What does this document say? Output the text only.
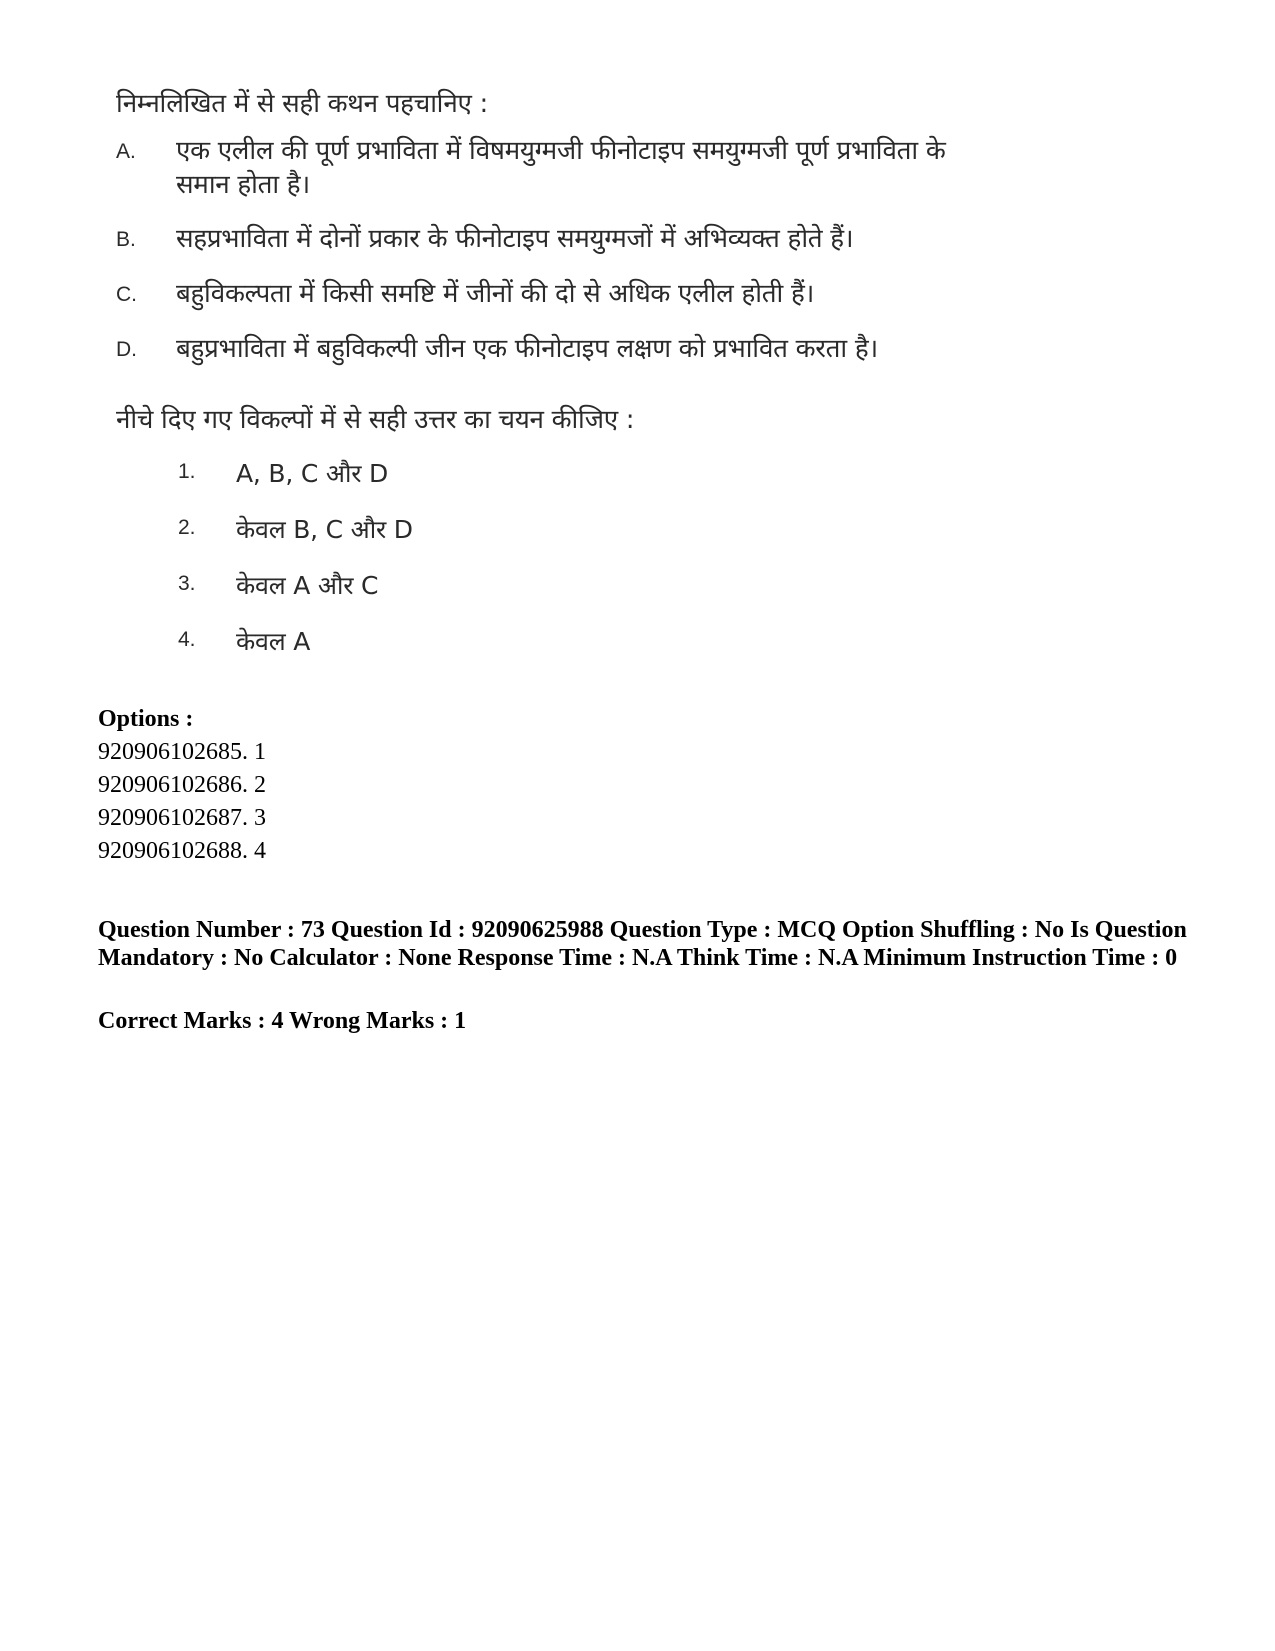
निम्नलिखित में से सही कथन पहचानिए :
A. एक एलील की पूर्ण प्रभाविता में विषमयुग्मजी फीनोटाइप समयुग्मजी पूर्ण प्रभाविता के समान होता है।
B. सहप्रभाविता में दोनों प्रकार के फीनोटाइप समयुग्मजों में अभिव्यक्त होते हैं।
C. बहुविकल्पता में किसी समष्टि में जीनों की दो से अधिक एलील होती हैं।
D. बहुप्रभाविता में बहुविकल्पी जीन एक फीनोटाइप लक्षण को प्रभावित करता है।
नीचे दिए गए विकल्पों में से सही उत्तर का चयन कीजिए :
1. A, B, C और D
2. केवल B, C और D
3. केवल A और C
4. केवल A
Options :
920906102685. 1
920906102686. 2
920906102687. 3
920906102688. 4
Question Number : 73 Question Id : 92090625988 Question Type : MCQ Option Shuffling : No Is Question Mandatory : No Calculator : None Response Time : N.A Think Time : N.A Minimum Instruction Time : 0
Correct Marks : 4 Wrong Marks : 1
